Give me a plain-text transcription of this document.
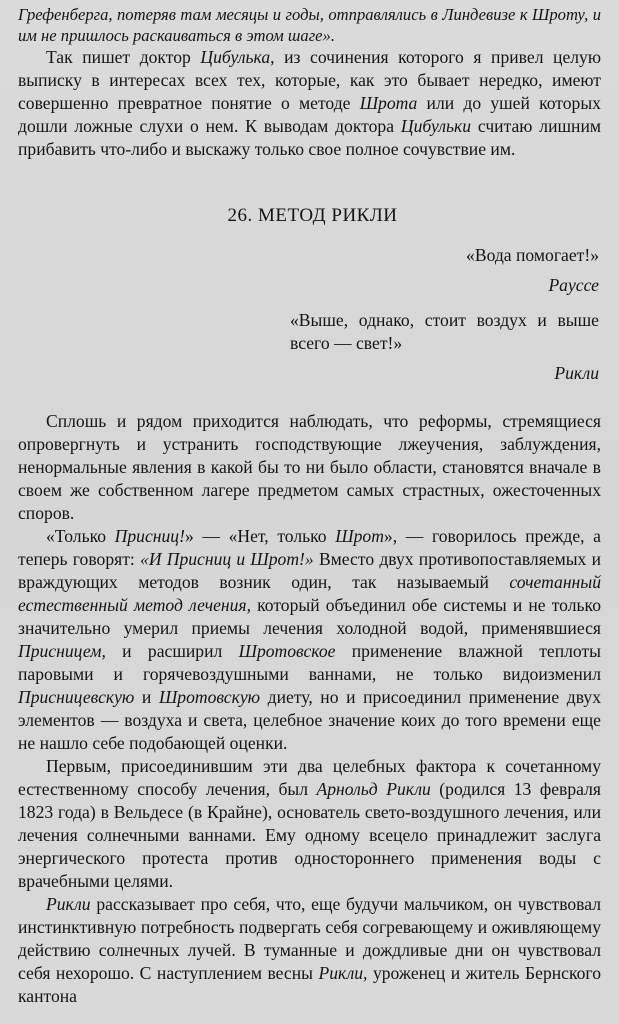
Грефенберга, потеряв там месяцы и годы, отправлялись в Линдевизе к Шроту, и им не пришлось раскаиваться в этом шаге».

Так пишет доктор Цибулька, из сочинения которого я привел целую выписку в интересах всех тех, которые, как это бывает нередко, имеют совершенно превратное понятие о методе Шрота или до ушей которых дошли ложные слухи о нем. К выводам доктора Цибульки считаю лишним прибавить что-либо и выскажу только свое полное сочувствие им.

26. МЕТОД РИКЛИ

«Вода помогает!»

Рaуссе

«Выше, однако, стоит воздух и выше всего — свет!»

Рикли

Сплошь и рядом приходится наблюдать, что реформы, стремящиеся опровергнуть и устранить господствующие лжеучения, заблуждения, ненормальные явления в какой бы то ни было области, становятся вначале в своем же собственном лагере предметом самых страстных, ожесточенных споров.

«Только Присниц!» — «Нет, только Шрот», — говорилось прежде, а теперь говорят: «И Присниц и Шрот!» Вместо двух противопоставляемых и враждующих методов возник один, так называемый сочетанный естественный метод лечения, который объединил обе системы и не только значительно умерил приемы лечения холодной водой, применявшиеся Присницем, и расширил Шротовское применение влажной теплоты паровыми и горячевоздушными ваннами, не только видоизменил Присницевскую и Шротовскую диету, но и присоединил применение двух элементов — воздуха и света, целебное значение коих до того времени еще не нашло себе подобающей оценки.

Первым, присоединившим эти два целебных фактора к сочетанному естественному способу лечения, был Арнольд Рикли (родился 13 февраля 1823 года) в Вельдесе (в Крайне), основатель свето-воздушного лечения, или лечения солнечными ваннами. Ему одному всецело принадлежит заслуга энергического протеста против одностороннего применения воды с врачебными целями.

Рикли рассказывает про себя, что, еще будучи мальчиком, он чувствовал инстинктивную потребность подвергать себя согревающему и оживляющему действию солнечных лучей. В туманные и дождливые дни он чувствовал себя нехорошо. С наступлением весны Рикли, уроженец и житель Бернского кантона
